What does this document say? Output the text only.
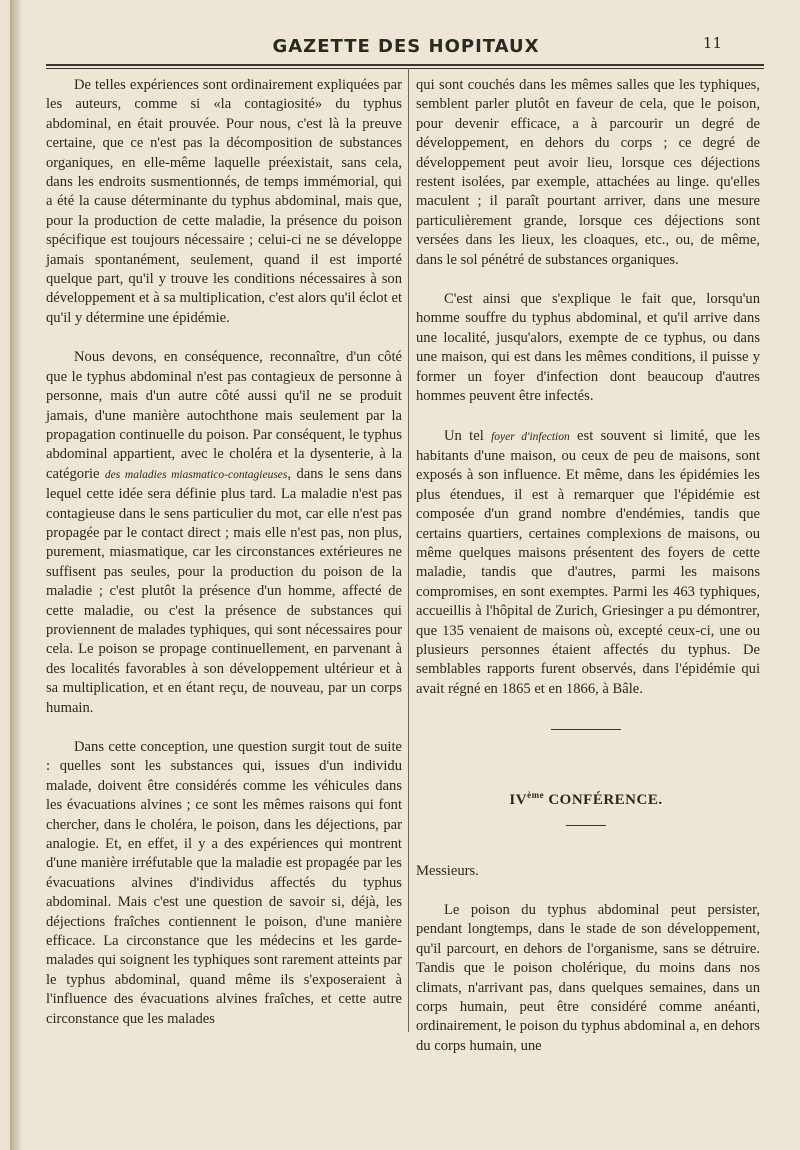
GAZETTE DES HOPITAUX	11

De telles expériences sont ordinairement expliquées par les auteurs, comme si «la contagiosité» du typhus abdominal, en était prouvée. Pour nous, c'est là la preuve certaine, que ce n'est pas la décomposition de substances organiques, en elle-même laquelle préexistait, sans cela, dans les endroits susmentionnés, de temps immémorial, qui a été la cause déterminante du typhus abdominal, mais que, pour la production de cette maladie, la présence du poison spécifique est toujours nécessaire ; celui-ci ne se développe jamais spontanément, seulement, quand il est importé quelque part, qu'il y trouve les conditions nécessaires à son développement et à sa multiplication, c'est alors qu'il éclot et qu'il y détermine une épidémie.

Nous devons, en conséquence, reconnaître, d'un côté que le typhus abdominal n'est pas contagieux de personne à personne, mais d'un autre côté aussi qu'il ne se produit jamais, d'une manière autochthone mais seulement par la propagation continuelle du poison. Par conséquent, le typhus abdominal appartient, avec le choléra et la dysenterie, à la catégorie des maladies miasmatico-contagieuses, dans le sens dans lequel cette idée sera définie plus tard. La maladie n'est pas contagieuse dans le sens particulier du mot, car elle n'est pas propagée par le contact direct ; mais elle n'est pas, non plus, purement, miasmatique, car les circonstances extérieures ne suffisent pas seules, pour la production du poison de la maladie ; c'est plutôt la présence d'un homme, affecté de cette maladie, ou c'est la présence de substances qui proviennent de malades typhiques, qui sont nécessaires pour cela. Le poison se propage continuellement, en parvenant à des localités favorables à son développement ultérieur et à sa multiplication, et en étant reçu, de nouveau, par un corps humain.

Dans cette conception, une question surgit tout de suite : quelles sont les substances qui, issues d'un individu malade, doivent être considérés comme les véhicules dans les évacuations alvines ; ce sont les mêmes raisons qui font chercher, dans le choléra, le poison, dans les déjections, par analogie. Et, en effet, il y a des expériences qui montrent d'une manière irréfutable que la maladie est propagée par les évacuations alvines d'individus affectés du typhus abdominal. Mais c'est une question de savoir si, déjà, les déjections fraîches contiennent le poison, d'une manière efficace. La circonstance que les médecins et les garde-malades qui soignent les typhiques sont rarement atteints par le typhus abdominal, quand même ils s'exposeraient à l'influence des évacuations alvines fraîches, et cette autre circonstance que les malades

qui sont couchés dans les mêmes salles que les typhiques, semblent parler plutôt en faveur de cela, que le poison, pour devenir efficace, a à parcourir un degré de développement, en dehors du corps ; ce degré de développement peut avoir lieu, lorsque ces déjections restent isolées, par exemple, attachées au linge. qu'elles maculent ; il paraît pourtant arriver, dans une mesure particulièrement grande, lorsque ces déjections sont versées dans les lieux, les cloaques, etc., ou, de même, dans le sol pénétré de substances organiques.

C'est ainsi que s'explique le fait que, lorsqu'un homme souffre du typhus abdominal, et qu'il arrive dans une localité, jusqu'alors, exempte de ce typhus, ou dans une maison, qui est dans les mêmes conditions, il puisse y former un foyer d'infection dont beaucoup d'autres hommes peuvent être infectés.

Un tel foyer d'infection est souvent si limité, que les habitants d'une maison, ou ceux de peu de maisons, sont exposés à son influence. Et même, dans les épidémies les plus étendues, il est à remarquer que l'épidémie est composée d'un grand nombre d'endémies, tandis que certains quartiers, certaines complexions de maisons, ou même quelques maisons présentent des foyers de cette maladie, tandis que d'autres, parmi les maisons compromises, en sont exemptes. Parmi les 463 typhiques, accueillis à l'hôpital de Zurich, Griesinger a pu démontrer, que 135 venaient de maisons où, excepté ceux-ci, une ou plusieurs personnes étaient affectés du typhus. De semblables rapports furent observés, dans l'épidémie qui avait régné en 1865 et en 1866, à Bâle.

IVème CONFÉRENCE.

Messieurs.

Le poison du typhus abdominal peut persister, pendant longtemps, dans le stade de son développement, qu'il parcourt, en dehors de l'organisme, sans se détruire. Tandis que le poison cholérique, du moins dans nos climats, n'arrivant pas, dans quelques semaines, dans un corps humain, peut être considéré comme anéanti, ordinairement, le poison du typhus abdominal a, en dehors du corps humain, une
